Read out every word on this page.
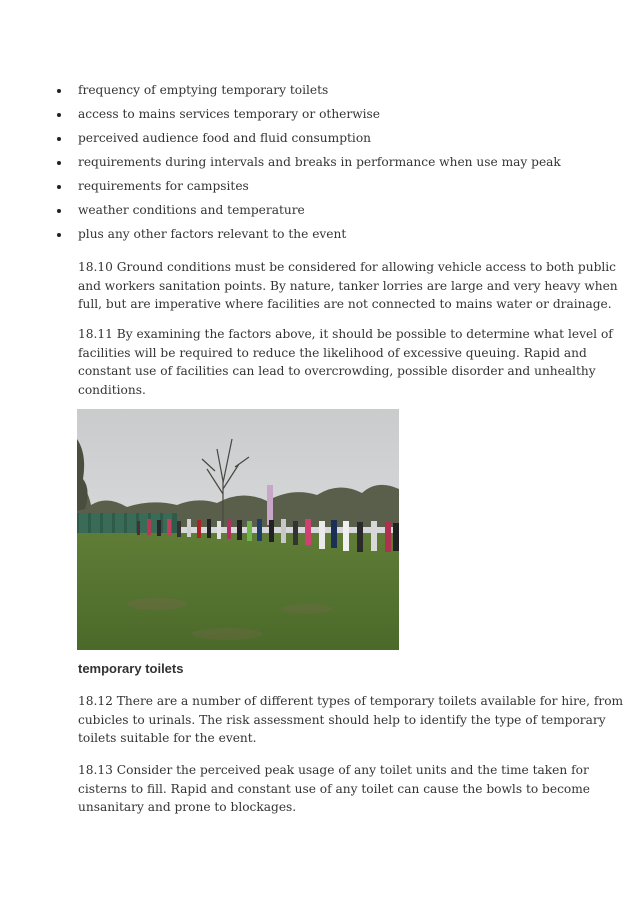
frequency of emptying temporary toilets
access to mains services temporary or otherwise
perceived audience food and fluid consumption
requirements during intervals and breaks in performance when use may peak
requirements for campsites
weather conditions and temperature
plus any other factors relevant to the event

18.10 Ground conditions must be considered for allowing vehicle access to both public
and workers sanitation points. By nature, tanker lorries are large and very heavy when
full, but are imperative where facilities are not connected to mains water or drainage.

18.11 By examining the factors above, it should be possible to determine what level of
facilities will be required to reduce the likelihood of excessive queuing. Rapid and
constant use of facilities can lead to overcrowding, possible disorder and unhealthy
conditions.

temporary toilets

18.12 There are a number of different types of temporary toilets available for hire, from
cubicles to urinals. The risk assessment should help to identify the type of temporary
toilets suitable for the event.

18.13 Consider the perceived peak usage of any toilet units and the time taken for
cisterns to fill. Rapid and constant use of any toilet can cause the bowls to become
unsanitary and prone to blockages.
